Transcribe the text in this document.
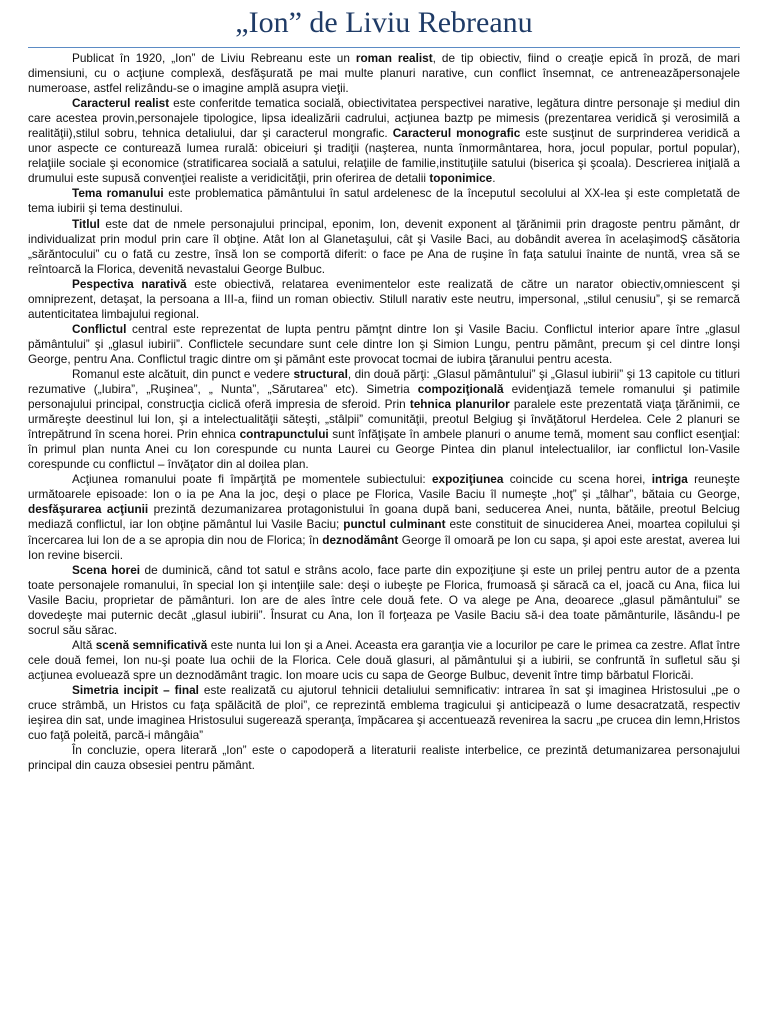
„Ion” de Liviu Rebreanu

Publicat în 1920, „Ion” de Liviu Rebreanu este un roman realist, de tip obiectiv, fiind o creaţie epică în proză, de mari dimensiuni, cu o acţiune complexă, desfăşurată pe mai multe planuri narative, cun conflict însemnat, ce antreneazăpersonajele numeroase, astfel relizându-se o imagine amplă asupra vieţii.

Caracterul realist este conferitde tematica socială, obiectivitatea perspectivei narative, legătura dintre personaje şi mediul din care acestea provin,personajele tipologice, lipsa idealizării cadrului, acţiunea baztp pe mimesis (prezentarea veridică şi verosimilă a realităţii),stilul sobru, tehnica detaliului, dar şi caracterul mongrafic. Caracterul monografic este susţinut de surprinderea veridică a unor aspecte ce conturează lumea rurală: obiceiuri şi tradiţii (naşterea, nunta înmormântarea, hora, jocul popular, portul popular), relaţiile sociale şi economice (stratificarea socială a satului, relaţiile de familie,instituţiile satului (biserica şi şcoala). Descrierea iniţială a drumului este supusă convenţiei realiste a veridicităţii, prin oferirea de detalii toponimice.

Tema romanului este problematica pământului în satul ardelenesc de la începutul secolului al XX-lea şi este completată de tema iubirii şi tema destinului.

Titlul este dat de nmele personajului principal, eponim, Ion, devenit exponent al ţărănimii prin dragoste pentru pământ, dr individualizat prin modul prin care îl obţine. Atât Ion al Glanetaşului, cât şi Vasile Baci, au dobândit averea în acelaşimodŞ căsătoria „sărăntocului” cu o fată cu zestre, însă Ion se comportă diferit: o face pe Ana de ruşine în faţa satului înainte de nuntă, vrea să se reîntoarcă la Florica, devenită nevastalui George Bulbuc.

Pespectiva narativă este obiectivă, relatarea evenimentelor este realizată de către un narator obiectiv,omniescent şi omniprezent, detaşat, la persoana a III-a, fiind un roman obiectiv. Stilull narativ este neutru, impersonal, „stilul cenusiu”, şi se remarcă autenticitatea limbajului regional.

Conflictul central este reprezentat de lupta pentru pămţnt dintre Ion şi Vasile Baciu. Conflictul interior apare între „glasul pământului” şi „glasul iubirii”. Conflictele secundare sunt cele dintre Ion şi Simion Lungu, pentru pământ, precum şi cel dintre Ionşi George, pentru Ana. Conflictul tragic dintre om şi pământ este provocat tocmai de iubira ţăranului pentru acesta.

Romanul este alcătuit, din punct e vedere structural, din două părţi: „Glasul pământului” şi „Glasul iubirii” şi 13 capitole cu titluri rezumative („Iubira”, „Ruşinea”, „ Nunta”, „Sărutarea” etc). Simetria compoziţională evidenţiază temele romanului şi patimile personajului principal, construcţia ciclică oferă impresia de sferoid. Prin tehnica planurilor paralele este prezentată viaţa ţărănimii, ce urmăreşte deestinul lui Ion, şi a intelectualităţii săteşti, „stâlpii” comunităţii, preotul Belgiug şi învăţătorul Herdelea. Cele 2 planuri se întrepătrund în scena horei. Prin ehnica contrapunctului sunt înfăţişate în ambele planuri o anume temă, moment sau conflict esenţial: în primul plan nunta Anei cu Ion corespunde cu nunta Laurei cu George Pintea din planul intelectualilor, iar conflictul Ion-Vasile corespunde cu conflictul – învăţator din al doilea plan.

Acţiunea romanului poate fi împărţită pe momentele subiectului: expoziţiunea coincide cu scena horei, intriga reuneşte următoarele episoade: Ion o ia pe Ana la joc, deşi o place pe Florica, Vasile Baciu îl numeşte „hoţ” şi „tâlhar”, bătaia cu George, desfăşurarea acţiunii prezintă dezumanizarea protagonistului în goana după bani, seducerea Anei, nunta, bătăile, preotul Belciug mediază conflictul, iar Ion obţine pământul lui Vasile Baciu; punctul culminant este constituit de sinuciderea Anei, moartea copilului şi încercarea lui Ion de a se apropia din nou de Florica; în deznodământ George îl omoară pe Ion cu sapa, şi apoi este arestat, averea lui Ion revine bisercii.

Scena horei de duminică, când tot satul e strâns acolo, face parte din expoziţiune şi este un prilej pentru autor de a pzenta toate personajele romanului, în special Ion şi intenţiile sale: deşi o iubeşte pe Florica, frumoasă şi săracă ca el, joacă cu Ana, fiica lui Vasile Baciu, proprietar de pământuri. Ion are de ales între cele două fete. O va alege pe Ana, deoarece „glasul pământului” se dovedeşte mai puternic decât „glasul iubirii”. Însurat cu Ana, Ion îl forţeaza pe Vasile Baciu să-i dea toate pământurile, lăsându-l pe socrul său sărac.

Altă scenă semnificativă este nunta lui Ion şi a Anei. Aceasta era garanţia vie a locurilor pe care le primea ca zestre. Aflat între cele două femei, Ion nu-şi poate lua ochii de la Florica. Cele două glasuri, al pământului şi a iubirii, se confruntă în sufletul său şi acţiunea evoluează spre un deznodământ tragic. Ion moare ucis cu sapa de George Bulbuc, devenit între timp bărbatul Floricăi.

Simetria incipit – final este realizată cu ajutorul tehnicii detaliului semnificativ: intrarea în sat şi imaginea Hristosului „pe o cruce strâmbă, un Hristos cu faţa spălăcită de ploi”, ce reprezintă emblema tragicului şi anticipează o lume desacratzată, respectiv ieşirea din sat, unde imaginea Hristosului sugerează speranţa, împăcarea şi accentuează revenirea la sacru „pe crucea din lemn,Hristos cuo faţă poleită, parcă-i mângâia”

În concluzie, opera literară „Ion” este o capodoperă a literaturii realiste interbelice, ce prezintă detumanizarea personajului principal din cauza obsesiei pentru pământ.
